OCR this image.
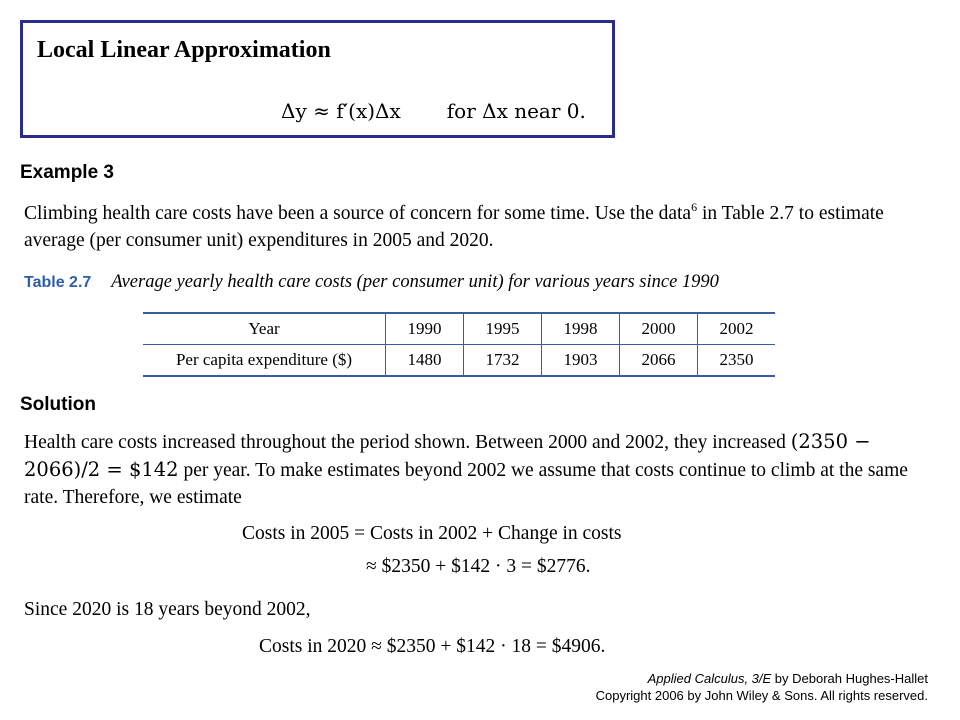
Local Linear Approximation
Δy ≈ f′(x)Δx for Δx near 0.
Example 3
Climbing health care costs have been a source of concern for some time. Use the data$^6$ in Table 2.7 to estimate average (per consumer unit) expenditures in 2005 and 2020.
Table 2.7 Average yearly health care costs (per consumer unit) for various years since 1990
Year	1990	1995	1998	2000	2002
Per capita expenditure ($)	1480	1732	1903	2066	2350
Solution
Health care costs increased throughout the period shown. Between 2000 and 2002, they increased (2350 − 2066)/2 = $142 per year. To make estimates beyond 2002 we assume that costs continue to climb at the same rate. Therefore, we estimate
Costs in 2005 = Costs in 2002 + Change in costs
≈ $2350 + $142 · 3 = $2776.
Since 2020 is 18 years beyond 2002,
Costs in 2020 ≈ $2350 + $142 · 18 = $4906.
Applied Calculus, 3/E by Deborah Hughes-Hallet
Copyright 2006 by John Wiley & Sons. All rights reserved.
